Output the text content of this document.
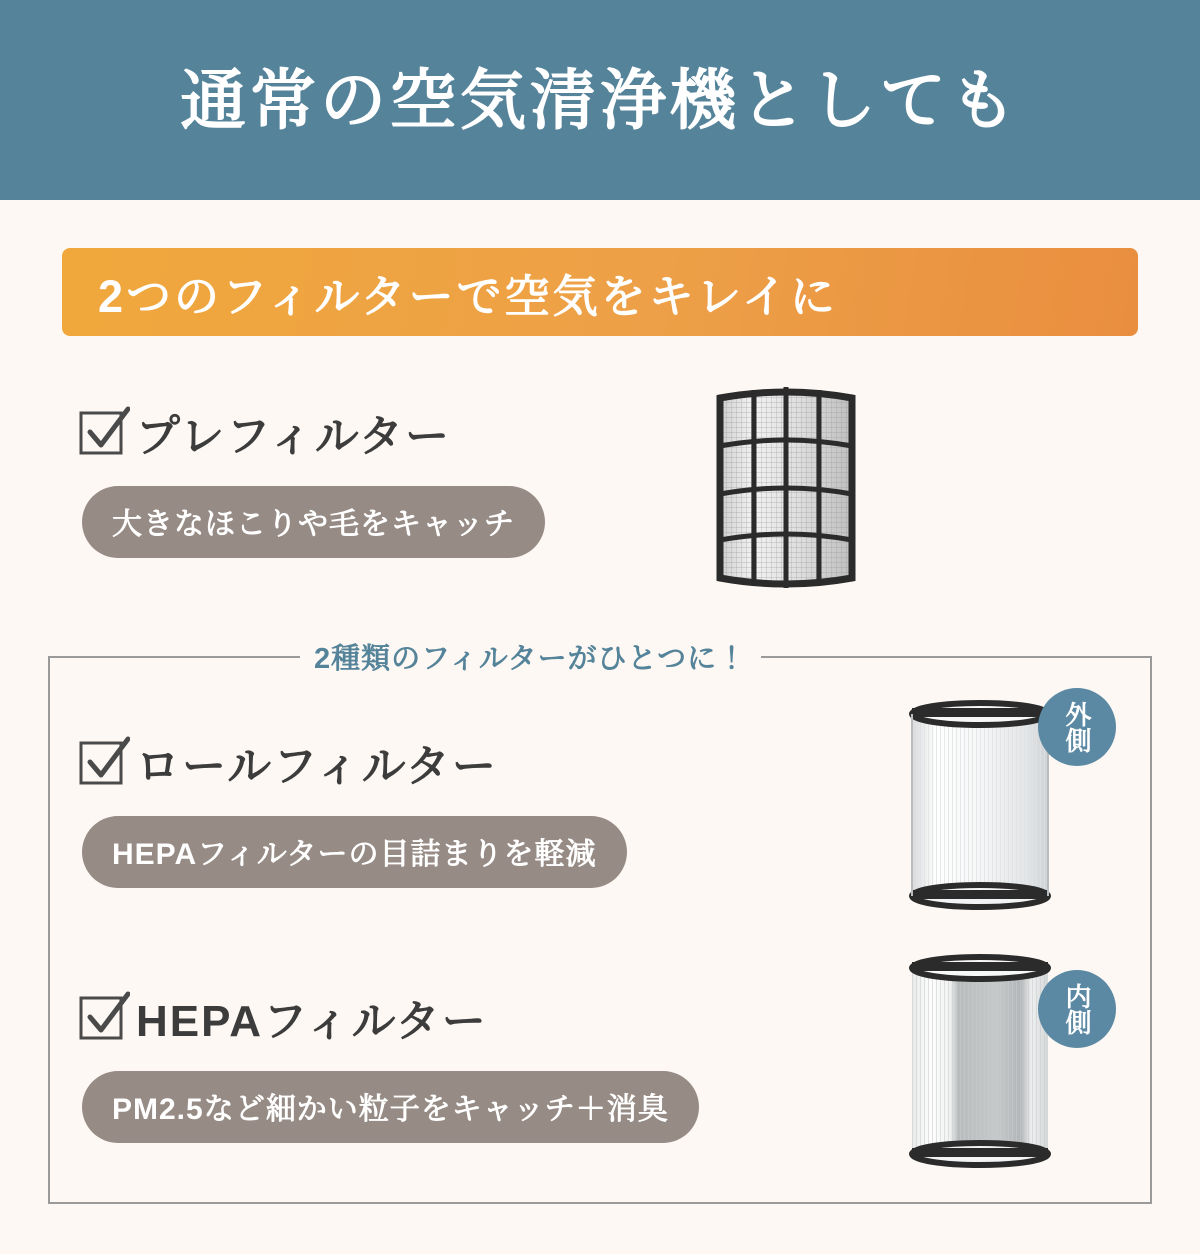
通常の空気清浄機としても
2つのフィルターで空気をキレイに
プレフィルター
大きなほこりや毛をキャッチ
2種類のフィルターがひとつに！
ロールフィルター
HEPAフィルターの目詰まりを軽減
HEPAフィルター
PM2.5など細かい粒子をキャッチ＋消臭
外側
内側
